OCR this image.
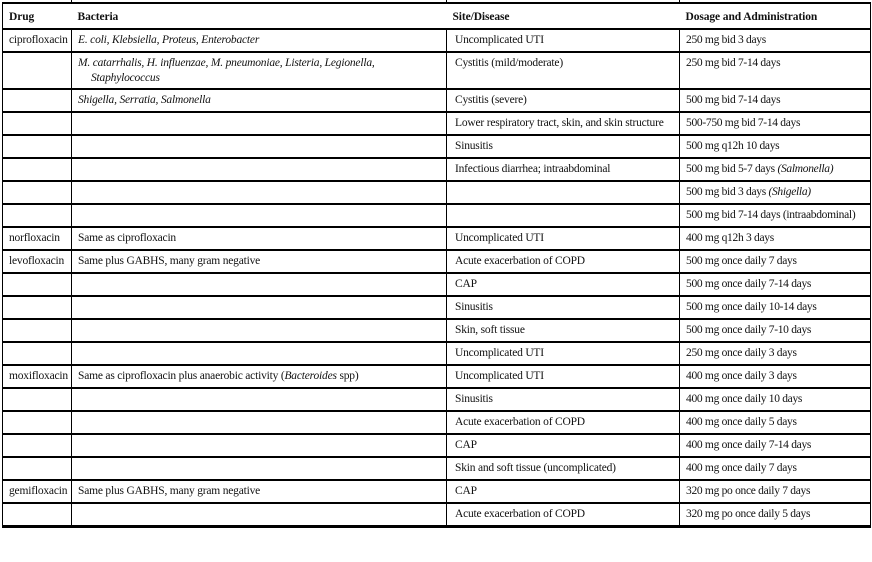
Drug	Bacteria	Site/Disease	Dosage and Administration

ciprofloxacin	E. coli, Klebsiella, Proteus, Enterobacter	Uncomplicated UTI	250 mg bid 3 days

	M. catarrhalis, H. influenzae, M. pneumoniae, Listeria, Legionella, Staphylococcus	Cystitis (mild/moderate)	250 mg bid 7-14 days

	Shigella, Serratia, Salmonella	Cystitis (severe)	500 mg bid 7-14 days

		Lower respiratory tract, skin, and skin structure	500-750 mg bid 7-14 days

		Sinusitis	500 mg q12h 10 days

		Infectious diarrhea; intraabdominal	500 mg bid 5-7 days (Salmonella)

			500 mg bid 3 days (Shigella)

			500 mg bid 7-14 days (intraabdominal)

norfloxacin	Same as ciprofloxacin	Uncomplicated UTI	400 mg q12h 3 days

levofloxacin	Same plus GABHS, many gram negative	Acute exacerbation of COPD	500 mg once daily 7 days

		CAP	500 mg once daily 7-14 days

		Sinusitis	500 mg once daily 10-14 days

		Skin, soft tissue	500 mg once daily 7-10 days

		Uncomplicated UTI	250 mg once daily 3 days

moxifloxacin	Same as ciprofloxacin plus anaerobic activity (Bacteroides spp)	Uncomplicated UTI	400 mg once daily 3 days

		Sinusitis	400 mg once daily 10 days

		Acute exacerbation of COPD	400 mg once daily 5 days

		CAP	400 mg once daily 7-14 days

		Skin and soft tissue (uncomplicated)	400 mg once daily 7 days

gemifloxacin	Same plus GABHS, many gram negative	CAP	320 mg po once daily 7 days

		Acute exacerbation of COPD	320 mg po once daily 5 days
